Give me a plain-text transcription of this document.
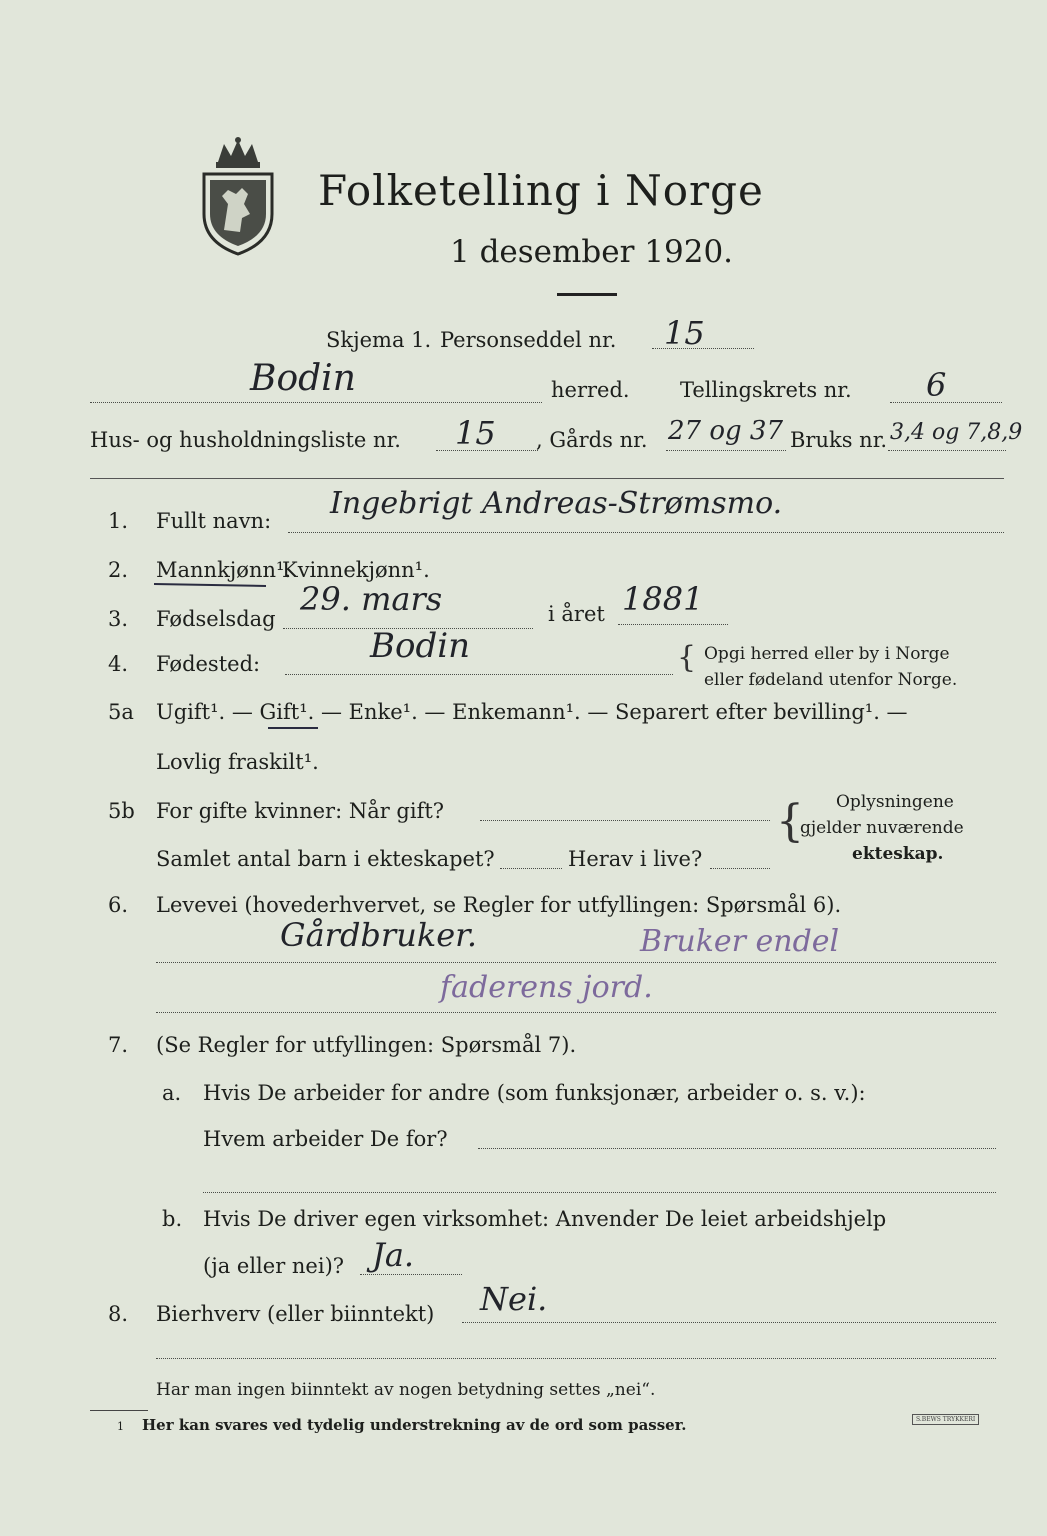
Folketelling i Norge
1 desember 1920.
Skjema 1. Personseddel nr. 15
Bodin	herred. Tellingskrets nr. 6
Hus- og husholdningsliste nr. 15 , Gårds nr. 27 og 37 Bruks nr. 3,4 og 7,8,9
1. Fullt navn: Ingebrigt Andreas-Strømsmo.
2. Mannkjønn¹.
Kvinnekjønn¹.
3. Fødselsdag
29. mars	i året 1881
4. Fødested:	Bodin	{ Opgi herred eller by i Norge
eller fødeland utenfor Norge.
5a Ugift¹. — Gift¹. — Enke¹. — Enkemann¹. — Separert efter bevilling¹. —
Lovlig fraskilt¹.
5b For gifte kvinner: Når gift?
Samlet antal barn i ekteskapet?	Herav i live?
{ Oplysningene
gjelder nuværende
ekteskap.
6. Levevei (hovederhvervet, se Regler for utfyllingen: Spørsmål 6).
Gårdbruker.	Bruker endel
faderens jord.
7. (Se Regler for utfyllingen: Spørsmål 7).
a. Hvis De arbeider for andre (som funksjonær, arbeider o. s. v.):
Hvem arbeider De for?
b. Hvis De driver egen virksomhet: Anvender De leiet arbeidshjelp
(ja eller nei)? Ja.
8. Bierhverv (eller biinntekt) Nei.
Har man ingen biinntekt av nogen betydning settes „nei“.
1 Her kan svares ved tydelig understrekning av de ord som passer.	S.BEWS TRYKKERI
